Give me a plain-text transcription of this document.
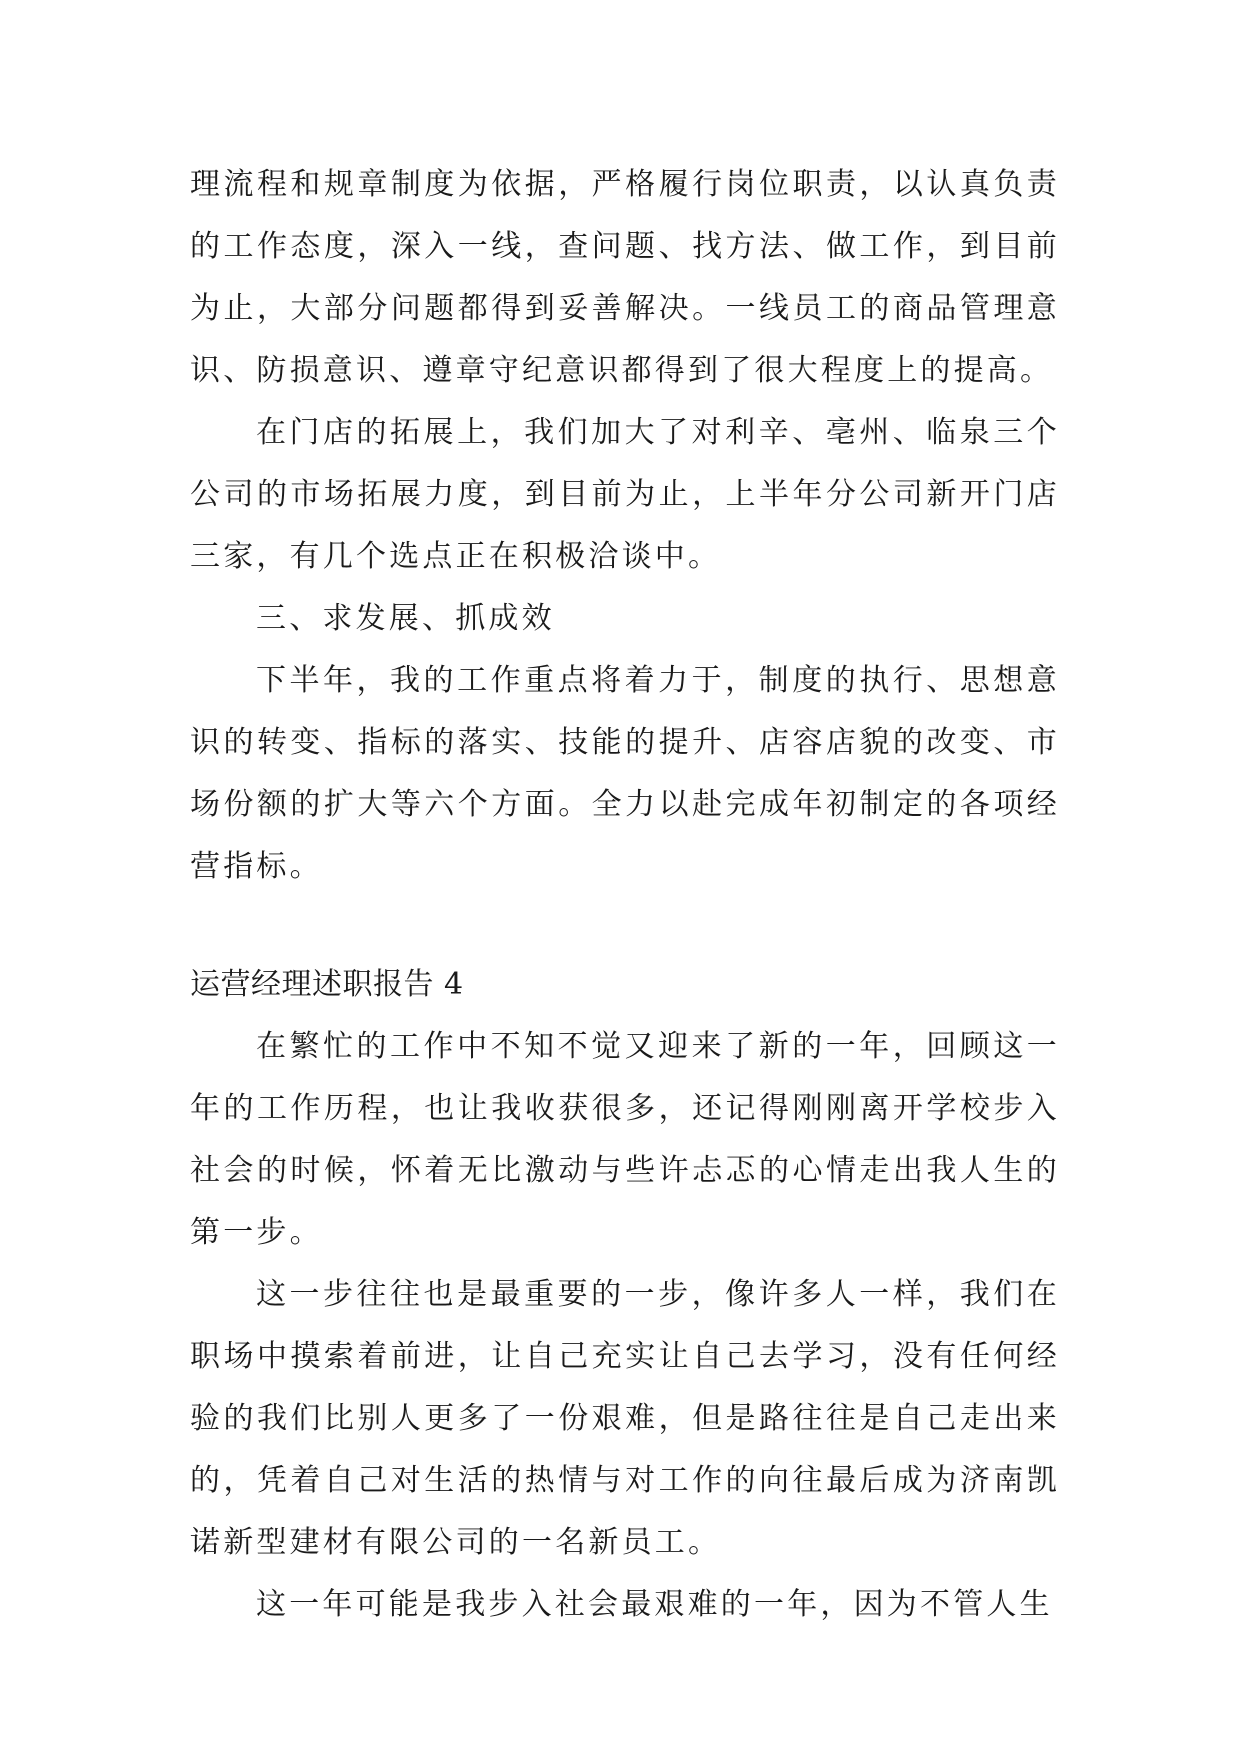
理流程和规章制度为依据，严格履行岗位职责，以认真负责的工作态度，深入一线，查问题、找方法、做工作，到目前为止，大部分问题都得到妥善解决。一线员工的商品管理意识、防损意识、遵章守纪意识都得到了很大程度上的提高。

在门店的拓展上，我们加大了对利辛、亳州、临泉三个公司的市场拓展力度，到目前为止，上半年分公司新开门店三家，有几个选点正在积极洽谈中。

三、求发展、抓成效

下半年，我的工作重点将着力于，制度的执行、思想意识的转变、指标的落实、技能的提升、店容店貌的改变、市场份额的扩大等六个方面。全力以赴完成年初制定的各项经营指标。

运营经理述职报告 4

在繁忙的工作中不知不觉又迎来了新的一年，回顾这一年的工作历程，也让我收获很多，还记得刚刚离开学校步入社会的时候，怀着无比激动与些许忐忑的心情走出我人生的第一步。

这一步往往也是最重要的一步，像许多人一样，我们在职场中摸索着前进，让自己充实让自己去学习，没有任何经验的我们比别人更多了一份艰难，但是路往往是自己走出来的，凭着自己对生活的热情与对工作的向往最后成为济南凯诺新型建材有限公司的一名新员工。

这一年可能是我步入社会最艰难的一年，因为不管人生
